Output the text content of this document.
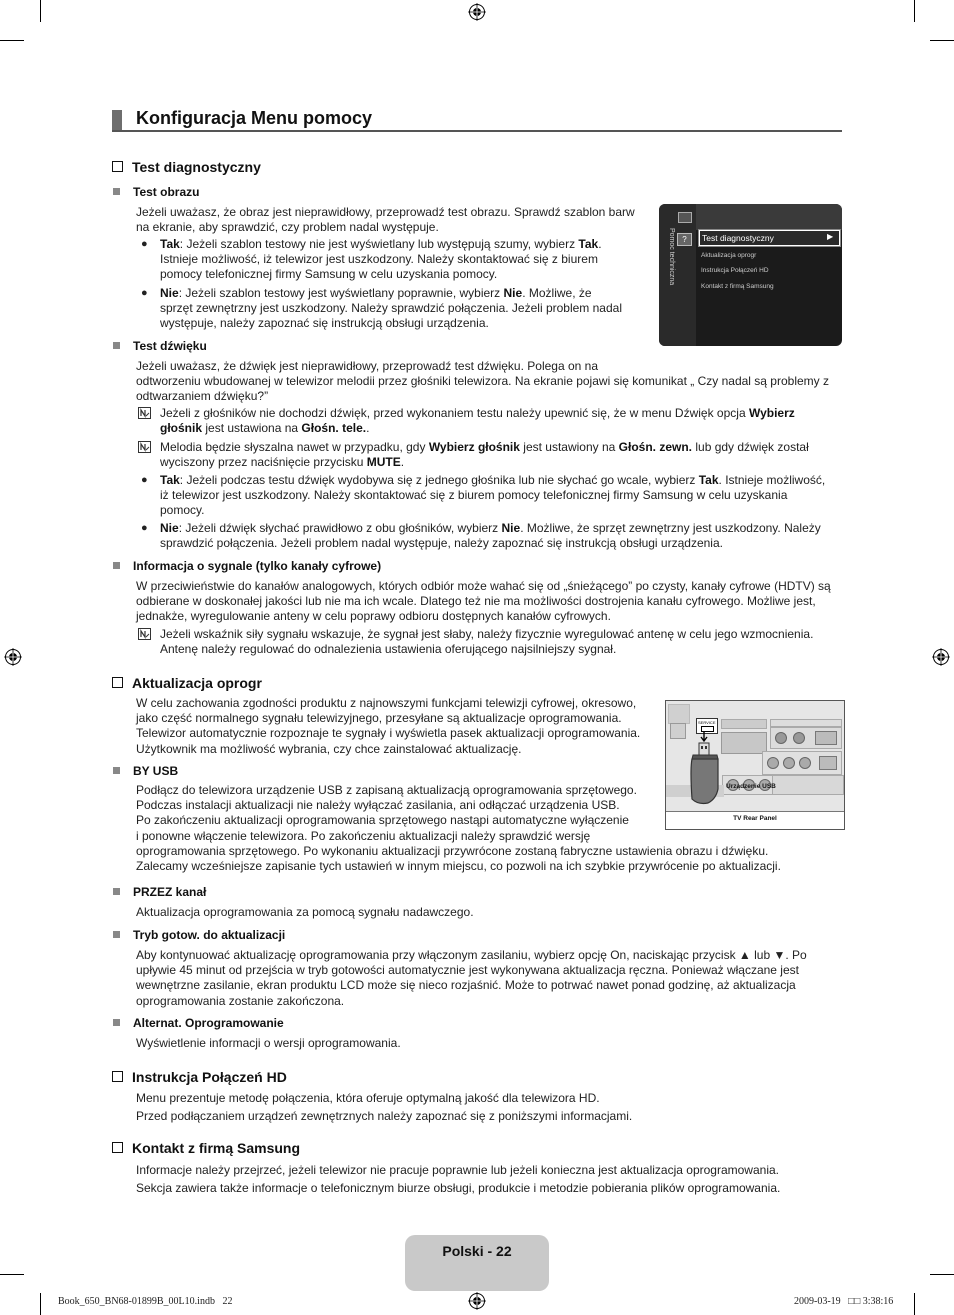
Konfiguracja Menu pomocy
Test diagnostyczny
Test obrazu
Jeżeli uważasz, że obraz jest nieprawidłowy, przeprowadź test obrazu. Sprawdź szablon barw
na ekranie, aby sprawdzić, czy problem nadal występuje.
● Tak: Jeżeli szablon testowy nie jest wyświetlany lub występują szumy, wybierz Tak.
Istnieje możliwość, iż telewizor jest uszkodzony. Należy skontaktować się z biurem
pomocy telefonicznej firmy Samsung w celu uzyskania pomocy.
● Nie: Jeżeli szablon testowy jest wyświetlany poprawnie, wybierz Nie. Możliwe, że
sprzęt zewnętrzny jest uszkodzony. Należy sprawdzić połączenia. Jeżeli problem nadal
występuje, należy zapoznać się instrukcją obsługi urządzenia.
?
Pomoc techniczna	Test diagnostyczny	▶
Aktualizacja oprogr
Instrukcja Połączeń HD
Kontakt z firmą Samsung
Test dźwięku
Jeżeli uważasz, że dźwięk jest nieprawidłowy, przeprowadź test dźwięku. Polega on na
odtworzeniu wbudowanej w telewizor melodii przez głośniki telewizora. Na ekranie pojawi się komunikat „ Czy nadal są problemy z
odtwarzaniem dźwięku?”
Jeżeli z głośników nie dochodzi dźwięk, przed wykonaniem testu należy upewnić się, że w menu Dźwięk opcja Wybierz
głośnik jest ustawiona na Głośn. tele..
Melodia będzie słyszalna nawet w przypadku, gdy Wybierz głośnik jest ustawiony na Głośn. zewn. lub gdy dźwięk został
wyciszony przez naciśnięcie przycisku MUTE.
● Tak: Jeżeli podczas testu dźwięk wydobywa się z jednego głośnika lub nie słychać go wcale, wybierz Tak. Istnieje możliwość,
iż telewizor jest uszkodzony. Należy skontaktować się z biurem pomocy telefonicznej firmy Samsung w celu uzyskania
pomocy.
● Nie: Jeżeli dźwięk słychać prawidłowo z obu głośników, wybierz Nie. Możliwe, że sprzęt zewnętrzny jest uszkodzony. Należy
sprawdzić połączenia. Jeżeli problem nadal występuje, należy zapoznać się instrukcją obsługi urządzenia.
Informacja o sygnale (tylko kanały cyfrowe)
W przeciwieństwie do kanałów analogowych, których odbiór może wahać się od „śnieżącego” po czysty, kanały cyfrowe (HDTV) są
odbierane w doskonałej jakości lub nie ma ich wcale. Dlatego też nie ma możliwości dostrojenia kanału cyfrowego. Możliwe jest,
jednakże, wyregulowanie anteny w celu poprawy odbioru dostępnych kanałów cyfrowych.
Jeżeli wskaźnik siły sygnału wskazuje, że sygnał jest słaby, należy fizycznie wyregulować antenę w celu jego wzmocnienia.
Antenę należy regulować do odnalezienia ustawienia oferującego najsilniejszy sygnał.
Aktualizacja oprogr
W celu zachowania zgodności produktu z najnowszymi funkcjami telewizji cyfrowej, okresowo,
jako część normalnego sygnału telewizyjnego, przesyłane są aktualizacje oprogramowania.
Telewizor automatycznie rozpoznaje te sygnały i wyświetla pasek aktualizacji oprogramowania.
Użytkownik ma możliwość wybrania, czy chce zainstalować aktualizację.
BY USB
Podłącz do telewizora urządzenie USB z zapisaną aktualizacją oprogramowania sprzętowego.
Podczas instalacji aktualizacji nie należy wyłączać zasilania, ani odłączać urządzenia USB.
Po zakończeniu aktualizacji oprogramowania sprzętowego nastąpi automatyczne wyłączenie
i ponowne włączenie telewizora. Po zakończeniu aktualizacji należy sprawdzić wersję
oprogramowania sprzętowego. Po wykonaniu aktualizacji przywrócone zostaną fabryczne ustawienia obrazu i dźwięku.
Zalecamy wcześniejsze zapisanie tych ustawień w innym miejscu, co pozwoli na ich szybkie przywrócenie po aktualizacji.
SERVICE
Urządzenie USB
TV Rear Panel
PRZEZ kanał
Aktualizacja oprogramowania za pomocą sygnału nadawczego.
Tryb gotow. do aktualizacji
Aby kontynuować aktualizację oprogramowania przy włączonym zasilaniu, wybierz opcję On, naciskając przycisk ▲ lub ▼. Po
upływie 45 minut od przejścia w tryb gotowości automatycznie jest wykonywana aktualizacja ręczna. Ponieważ włączane jest
wewnętrzne zasilanie, ekran produktu LCD może się nieco rozjaśnić. Może to potrwać nawet ponad godzinę, aż aktualizacja
oprogramowania zostanie zakończona.
Alternat. Oprogramowanie
Wyświetlenie informacji o wersji oprogramowania.
Instrukcja Połączeń HD
Menu prezentuje metodę połączenia, która oferuje optymalną jakość dla telewizora HD.
Przed podłączaniem urządzeń zewnętrznych należy zapoznać się z poniższymi informacjami.
Kontakt z firmą Samsung
Informacje należy przejrzeć, jeżeli telewizor nie pracuje poprawnie lub jeżeli konieczna jest aktualizacja oprogramowania.
Sekcja zawiera także informacje o telefonicznym biurze obsługi, produkcie i metodzie pobierania plików oprogramowania.
Polski - 22
Book_650_BN68-01899B_00L10.indb   22	2009-03-19   □□ 3:38:16
